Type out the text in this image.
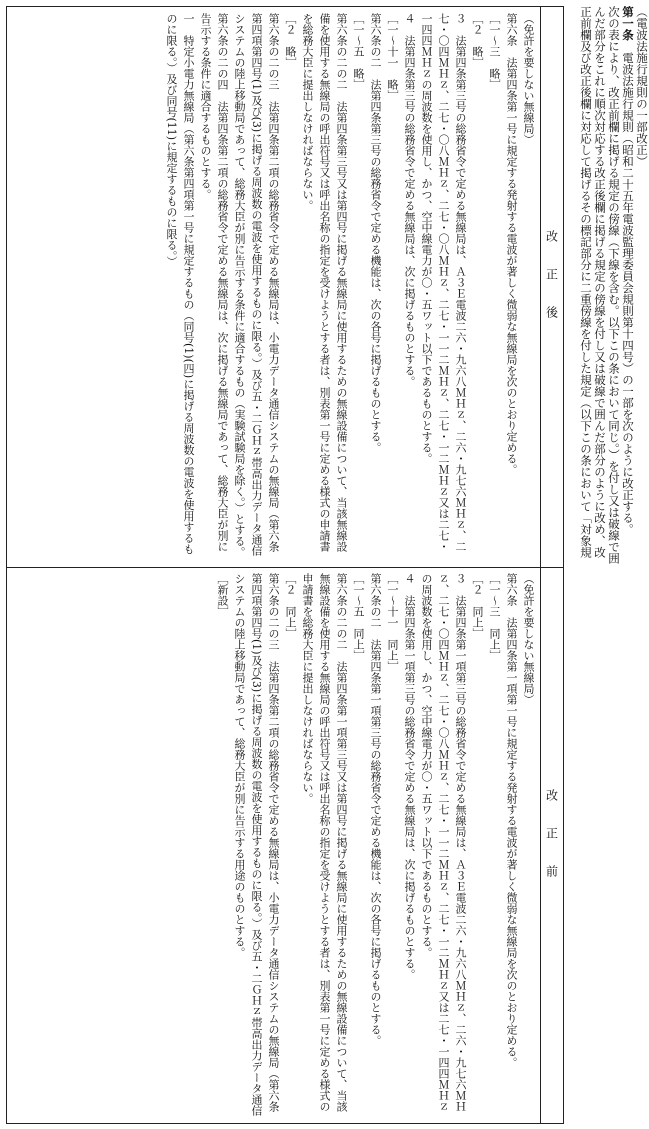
（電波法施行規則の一部改正）

第一条　電波法施行規則（昭和二十五年電波監理委員会規則第十四号）の一部を次のように改正する。

次の表により、改正前欄に掲げる規定の傍線（下線を含む。以下この条において同じ。）を付し又は破線で囲んだ部分をこれに順次対応する改正後欄に掲げる規定の傍線を付し又は破線で囲んだ部分のように改め、改正前欄及び改正後欄に対応して掲げるその標記部分に二重傍線を付した規定（以下この条において「対象規

改正後

（免許を要しない無線局）

第六条　法第四条第一号に規定する発射する電波が著しく微弱な無線局を次のとおり定める。

［一～三　略］

［２　略］

３　法第四条第三号の総務省令で定める無線局は、Ａ３Ｅ電波二六・九六八ＭＨｚ、二六・九七六ＭＨｚ、二七・〇四ＭＨｚ、二七・〇八ＭＨｚ、二七・〇八ＭＨｚ、二七・一一二ＭＨｚ、二七・一二ＭＨｚ又は二七・一四四ＭＨｚの周波数を使用し、かつ、空中線電力が〇・五ワット以下であるものとする。

４　法第四条第三号の総務省令で定める無線局は、次に掲げるものとする。

［一～十一　略］

第六条の二　法第四条第三号の総務省令で定める機能は、次の各号に掲げるものとする。

［一～五　略］

第六条の二の二　法第四条第三号又は第四号に掲げる無線局に使用するための無線設備について、当該無線設備を使用する無線局の呼出符号又は呼出名称の指定を受けようとする者は、別表第一号に定める様式の申請書を総務大臣に提出しなければならない。

［２　略］

第六条の二の三　法第四条第二項の総務省令で定める無線局は、小電力データ通信システムの無線局（第六条第四項第四号(1)及び(3)に掲げる周波数の電波を使用するものに限る。）及び五・二ＧＨｚ帯高出力データ通信システムの陸上移動局であって、総務大臣が別に告示する条件に適合するもの（実験試験局を除く。）とする。

第六条の二の四　法第四条第二項の総務省令で定める無線局は、次に掲げる無線局であって、総務大臣が別に告示する条件に適合するものとする。

一　特定小電力無線局（第六条第四項第一号に規定するもの（同号(1)(四)に掲げる周波数の電波を使用するものに限る。）及び同号(11)に規定するものに限る。）

改正前

（免許を要しない無線局）

第六条　法第四条第一項第一号に規定する発射する電波が著しく微弱な無線局を次のとおり定める。

［一～三　同上］

［２　同上］

３　法第四条第一項第三号の総務省令で定める無線局は、Ａ３Ｅ電波二六・九六八ＭＨｚ、二六・九七六ＭＨｚ、二七・〇四ＭＨｚ、二七・〇八ＭＨｚ、二七・一一二ＭＨｚ、二七・一二ＭＨｚ又は二七・一四四ＭＨｚの周波数を使用し、かつ、空中線電力が〇・五ワット以下であるものとする。

４　法第四条第一項第三号の総務省令で定める無線局は、次に掲げるものとする。

［一～十一　同上］

第六条の二　法第四条第一項第三号の総務省令で定める機能は、次の各号に掲げるものとする。

［一～五　同上］

第六条の二の二　法第四条第一項第三号又は第四号に掲げる無線局に使用するための無線設備について、当該無線設備を使用する無線局の呼出符号又は呼出名称の指定を受けようとする者は、別表第一号に定める様式の申請書を総務大臣に提出しなければならない。

［２　同上］

第六条の二の三　法第四条第二項の総務省令で定める無線局は、小電力データ通信システムの無線局（第六条第四項第四号(1)及び(3)に掲げる周波数の電波を使用するものに限る。）及び五・二ＧＨｚ帯高出力データ通信システムの陸上移動局であって、総務大臣が別に告示する用途のものとする。

［新設］
